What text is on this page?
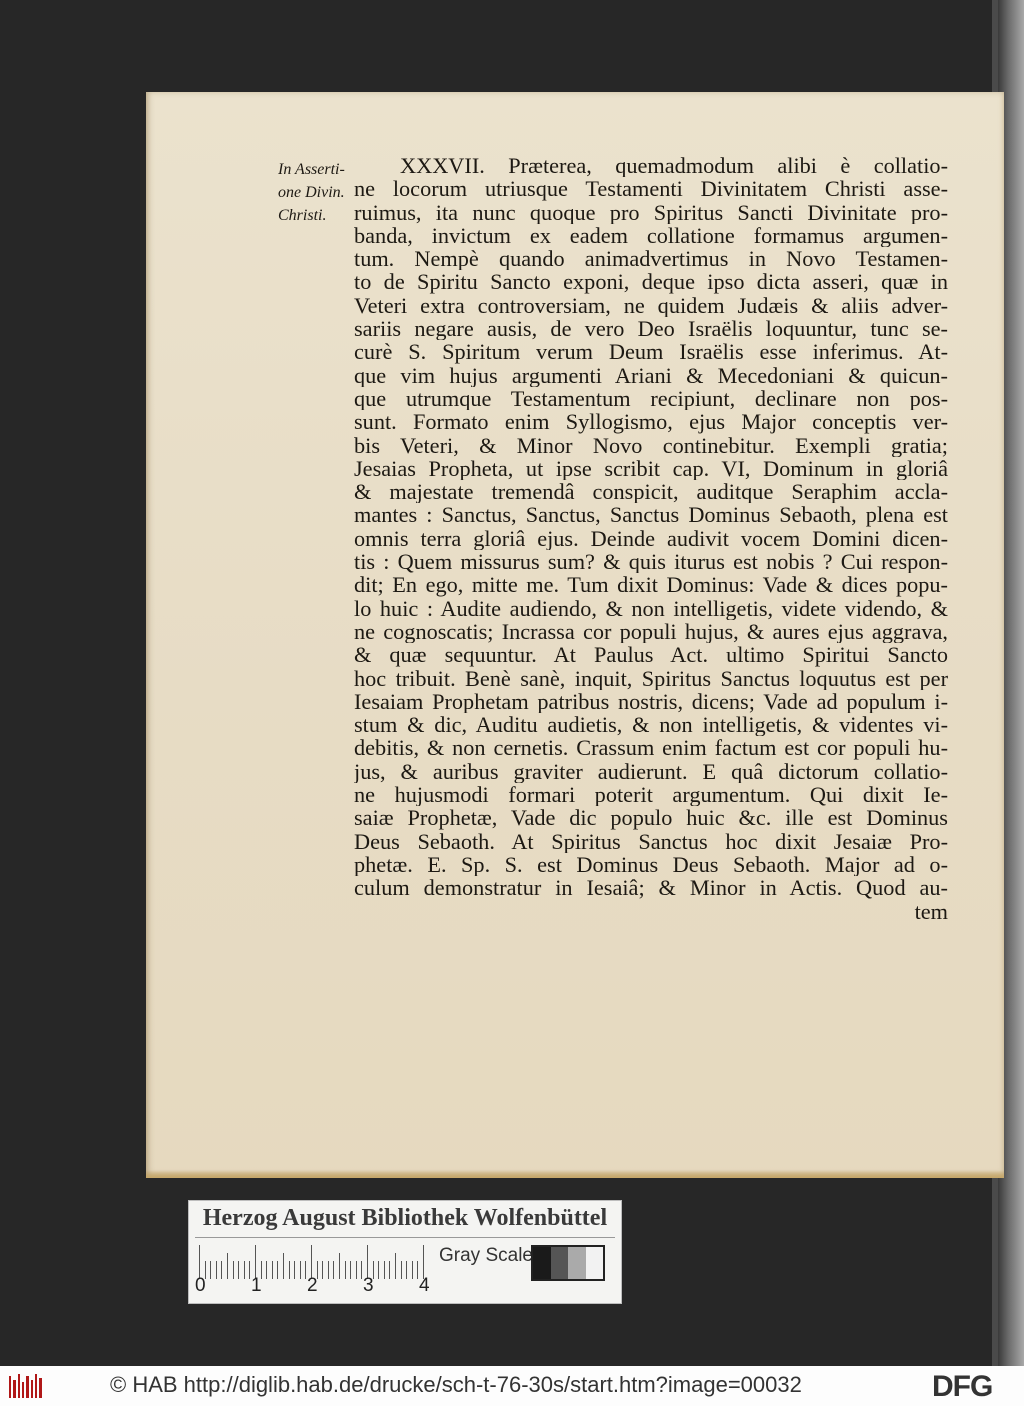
In Asserti-
one Divin.
Christi.
XXXVII. Præterea, quemadmodum alibi è collatio-
ne locorum utriusque Testamenti Divinitatem Christi asse-
ruimus, ita nunc quoque pro Spiritus Sancti Divinitate pro-
banda, invictum ex eadem collatione formamus argumen-
tum. Nempè quando animadvertimus in Novo Testamen-
to de Spiritu Sancto exponi, deque ipso dicta asseri, quæ in
Veteri extra controversiam, ne quidem Judæis & aliis adver-
sariis negare ausis, de vero Deo Israëlis loquuntur, tunc se-
curè S. Spiritum verum Deum Israëlis esse inferimus. At-
que vim hujus argumenti Ariani & Mecedoniani & quicun-
que utrumque Testamentum recipiunt, declinare non pos-
sunt. Formato enim Syllogismo, ejus Major conceptis ver-
bis Veteri, & Minor Novo continebitur. Exempli gratia;
Jesaias Propheta, ut ipse scribit cap. VI, Dominum in gloriâ
& majestate tremendâ conspicit, auditque Seraphim accla-
mantes : Sanctus, Sanctus, Sanctus Dominus Sebaoth, plena est
omnis terra gloriâ ejus. Deinde audivit vocem Domini dicen-
tis : Quem missurus sum? & quis iturus est nobis ? Cui respon-
dit; En ego, mitte me. Tum dixit Dominus: Vade & dices popu-
lo huic : Audite audiendo, & non intelligetis, videte videndo, &
ne cognoscatis; Incrassa cor populi hujus, & aures ejus aggrava,
& quæ sequuntur. At Paulus Act. ultimo Spiritui Sancto
hoc tribuit. Benè sanè, inquit, Spiritus Sanctus loquutus est per
Iesaiam Prophetam patribus nostris, dicens; Vade ad populum i-
stum & dic, Auditu audietis, & non intelligetis, & videntes vi-
debitis, & non cernetis. Crassum enim factum est cor populi hu-
jus, & auribus graviter audierunt. E quâ dictorum collatio-
ne hujusmodi formari poterit argumentum. Qui dixit Ie-
saiæ Prophetæ, Vade dic populo huic &c. ille est Dominus
Deus Sebaoth. At Spiritus Sanctus hoc dixit Jesaiæ Pro-
phetæ. E. Sp. S. est Dominus Deus Sebaoth. Major ad o-
culum demonstratur in Iesaiâ; & Minor in Actis. Quod au-
tem
Herzog August Bibliothek Wolfenbüttel
0 1 2 3 4
Gray Scale
© HAB http://diglib.hab.de/drucke/sch-t-76-30s/start.htm?image=00032	DFG
